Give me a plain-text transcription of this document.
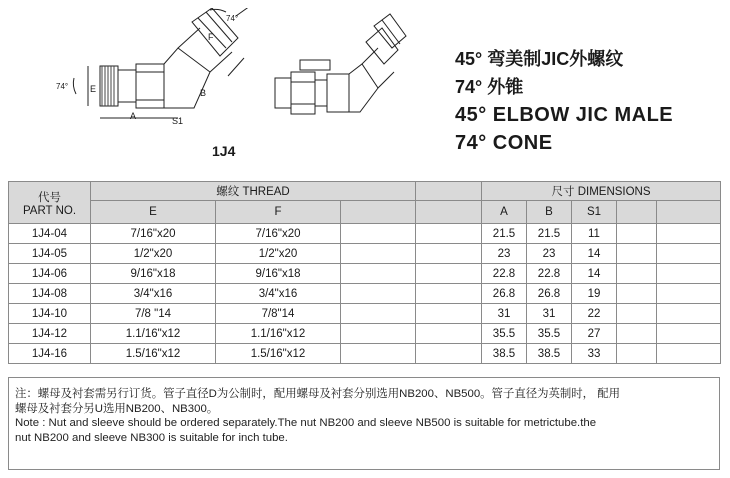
74°
74° E
F
A
B
S1
1J4
45° 弯美制JIC外螺纹
74° 外锥
45° ELBOW JIC MALE
74° CONE
代号
PART NO.	螺纹 THREAD				尺寸 DIMENSIONS				
	E	F			A	B	S1		
1J4-04	7/16"x20	7/16"x20			21.5	21.5	11		
1J4-05	1/2"x20	1/2"x20			23	23	14		
1J4-06	9/16"x18	9/16"x18			22.8	22.8	14		
1J4-08	3/4"x16	3/4"x16			26.8	26.8	19		
1J4-10	7/8 "14	7/8"14			31	31	22		
1J4-12	1.1/16"x12	1.1/16"x12			35.5	35.5	27		
1J4-16	1.5/16"x12	1.5/16"x12			38.5	38.5	33		
注：螺母及衬套需另行订货。管子直径D为公制时，配用螺母及衬套分别选用NB200、NB500。管子直径为英制时， 配用
螺母及衬套分另U选用NB200、NB300。
Note : Nut and sleeve should be ordered separately.The nut NB200 and sleeve NB500 is suitable for metrictube.the
nut NB200 and sleeve NB300 is suitable for inch tube.
